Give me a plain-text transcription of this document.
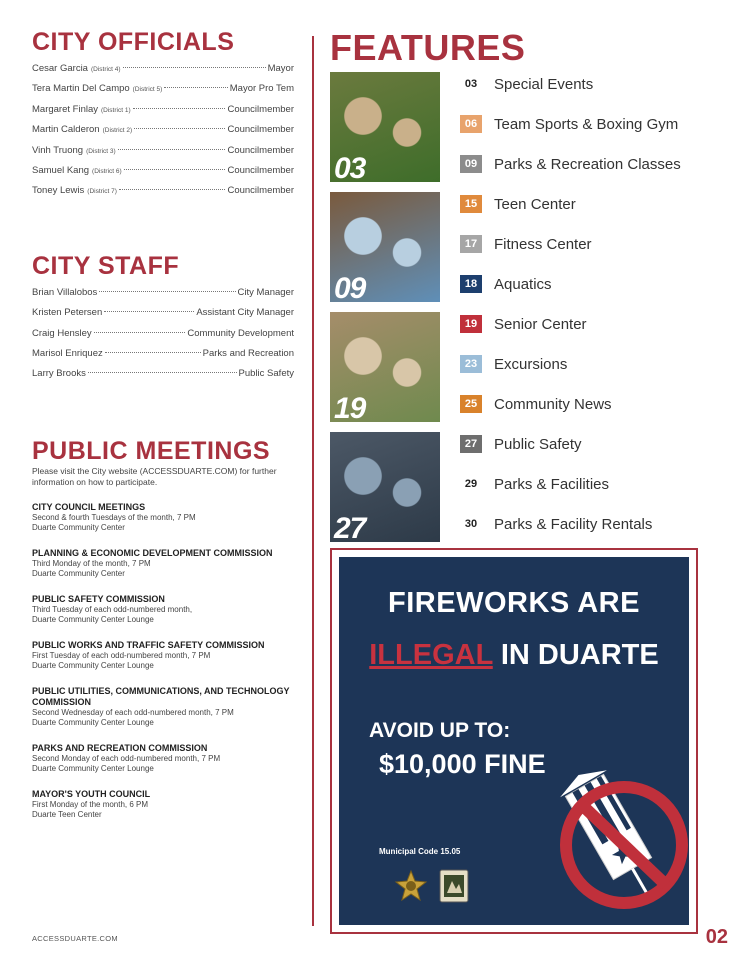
CITY OFFICIALS
Cesar Garcia (District 4)	Mayor
Tera Martin Del Campo (District 5)	Mayor Pro Tem
Margaret Finlay (District 1)	Councilmember
Martin Calderon (District 2)	Councilmember
Vinh Truong (District 3)	Councilmember
Samuel Kang (District 6)	Councilmember
Toney Lewis (District 7)	Councilmember
CITY STAFF
Brian Villalobos	City Manager
Kristen Petersen	Assistant City Manager
Craig Hensley	Community Development
Marisol Enriquez	Parks and Recreation
Larry Brooks	Public Safety
PUBLIC MEETINGS

Please visit the City website (ACCESSDUARTE.COM) for further information on how to participate.

CITY COUNCIL MEETINGS
Second & fourth Tuesdays of the month, 7 PM
Duarte Community Center
PLANNING & ECONOMIC DEVELOPMENT COMMISSION
Third Monday of the month, 7 PM
Duarte Community Center
PUBLIC SAFETY COMMISSION
Third Tuesday of each odd-numbered month,
Duarte Community Center Lounge
PUBLIC WORKS AND TRAFFIC SAFETY COMMISSION
First Tuesday of each odd-numbered month, 7 PM
Duarte Community Center Lounge
PUBLIC UTILITIES, COMMUNICATIONS, AND TECHNOLOGY COMMISSION
Second Wednesday of each odd-numbered month, 7 PM
Duarte Community Center Lounge
PARKS AND RECREATION COMMISSION
Second Monday of each odd-numbered month, 7 PM
Duarte Community Center Lounge
MAYOR'S YOUTH COUNCIL
First Monday of the month, 6 PM
Duarte Teen Center
FEATURES
03
09
19
27
03	Special Events
06	Team Sports & Boxing Gym
09	Parks & Recreation Classes
15	Teen Center
17	Fitness Center
18	Aquatics
19	Senior Center
23	Excursions
25	Community News
27	Public Safety
29	Parks & Facilities
30	Parks & Facility Rentals
FIREWORKS ARE
ILLEGAL IN DUARTE
AVOID UP TO:
$10,000 FINE
Municipal Code 15.05
ACCESSDUARTE.COM	02
